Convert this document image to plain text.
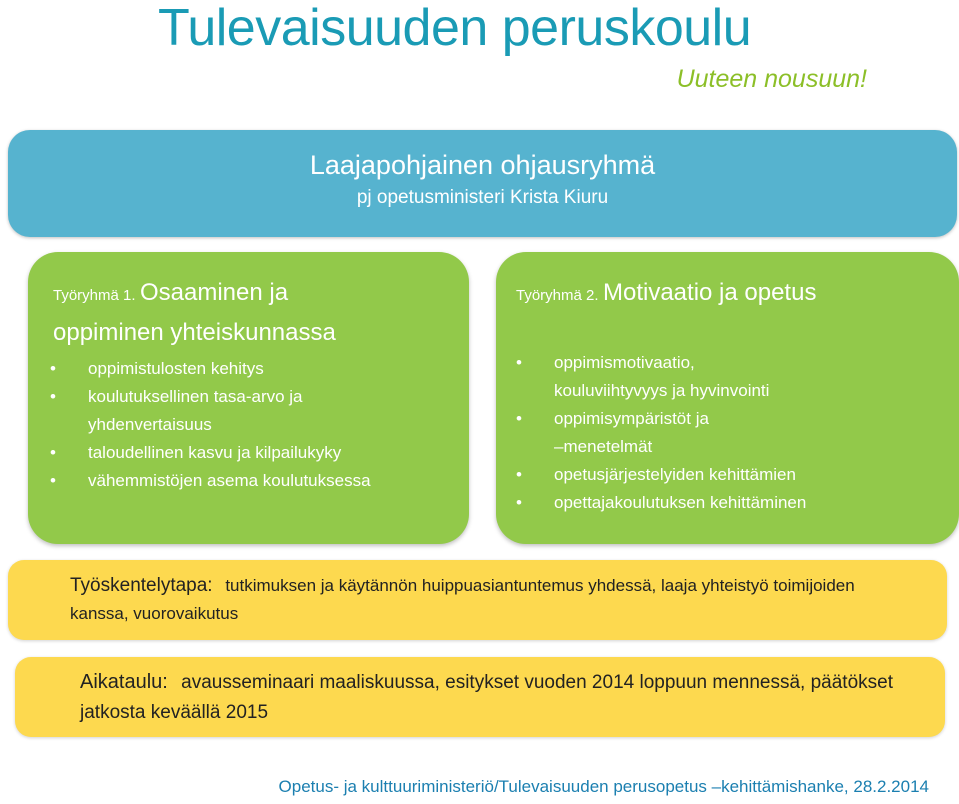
Tulevaisuuden peruskoulu
Uuteen nousuun!
Laajapohjainen ohjausryhmä
pj opetusministeri Krista Kiuru
Työryhmä 1. Osaaminen ja
oppiminen yhteiskunnassa
• oppimistulosten kehitys
• koulutuksellinen tasa-arvo ja
yhdenvertaisuus
• taloudellinen kasvu ja kilpailukyky
• vähemmistöjen asema koulutuksessa
Työryhmä 2. Motivaatio ja opetus
• oppimismotivaatio,
kouluviihtyvyys ja hyvinvointi
• oppimisympäristöt ja
–menetelmät
• opetusjärjestelyiden kehittämien
• opettajakoulutuksen kehittäminen
Työskentelytapa: tutkimuksen ja käytännön huippuasiantuntemus yhdessä, laaja yhteistyö toimijoiden kanssa, vuorovaikutus
Aikataulu: avausseminaari maaliskuussa, esitykset vuoden 2014 loppuun mennessä, päätökset jatkosta keväällä 2015
Opetus- ja kulttuuriministeriö/Tulevaisuuden perusopetus –kehittämishanke, 28.2.2014
